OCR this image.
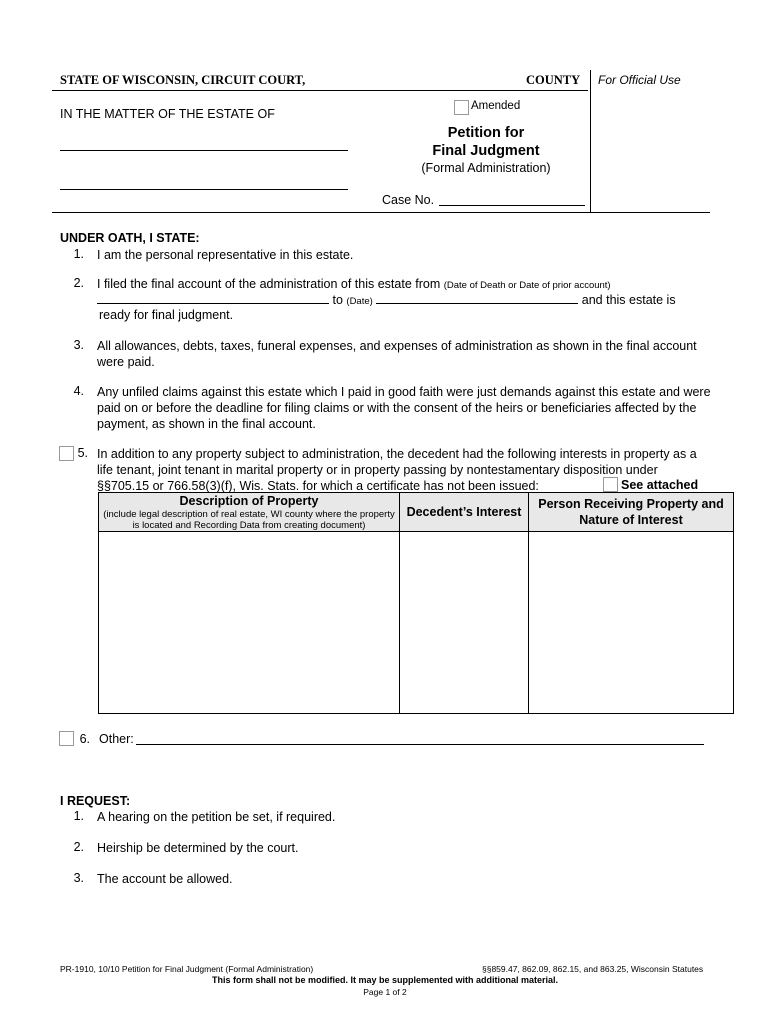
STATE OF WISCONSIN, CIRCUIT COURT,	COUNTY For Official Use
IN THE MATTER OF THE ESTATE OF
Amended
Petition for
Final Judgment
(Formal Administration)
Case No.
UNDER OATH, I STATE:
1. I am the personal representative in this estate.
2. I filed the final account of the administration of this estate from (Date of Death or Date of prior account)
to (Date)	and this estate is
ready for final judgment.
3. All allowances, debts, taxes, funeral expenses, and expenses of administration as shown in the final account were paid.
4. Any unfiled claims against this estate which I paid in good faith were just demands against this estate and were paid on or before the deadline for filing claims or with the consent of the heirs or beneficiaries affected by the payment, as shown in the final account.
5. In addition to any property subject to administration, the decedent had the following interests in property as a life tenant, joint tenant in marital property or in property passing by nontestamentary disposition under §§705.15 or 766.58(3)(f), Wis. Stats. for which a certificate has not been issued:	See attached
Description of Property
(include legal description of real estate, WI county where the property is located and Recording Data from creating document)	Decedent’s Interest	Person Receiving Property and Nature of Interest

6. Other:
I REQUEST:
1. A hearing on the petition be set, if required.
2. Heirship be determined by the court.
3. The account be allowed.
PR-1910, 10/10 Petition for Final Judgment (Formal Administration)	§§859.47, 862.09, 862.15, and 863.25, Wisconsin Statutes
This form shall not be modified. It may be supplemented with additional material.
Page 1 of 2
